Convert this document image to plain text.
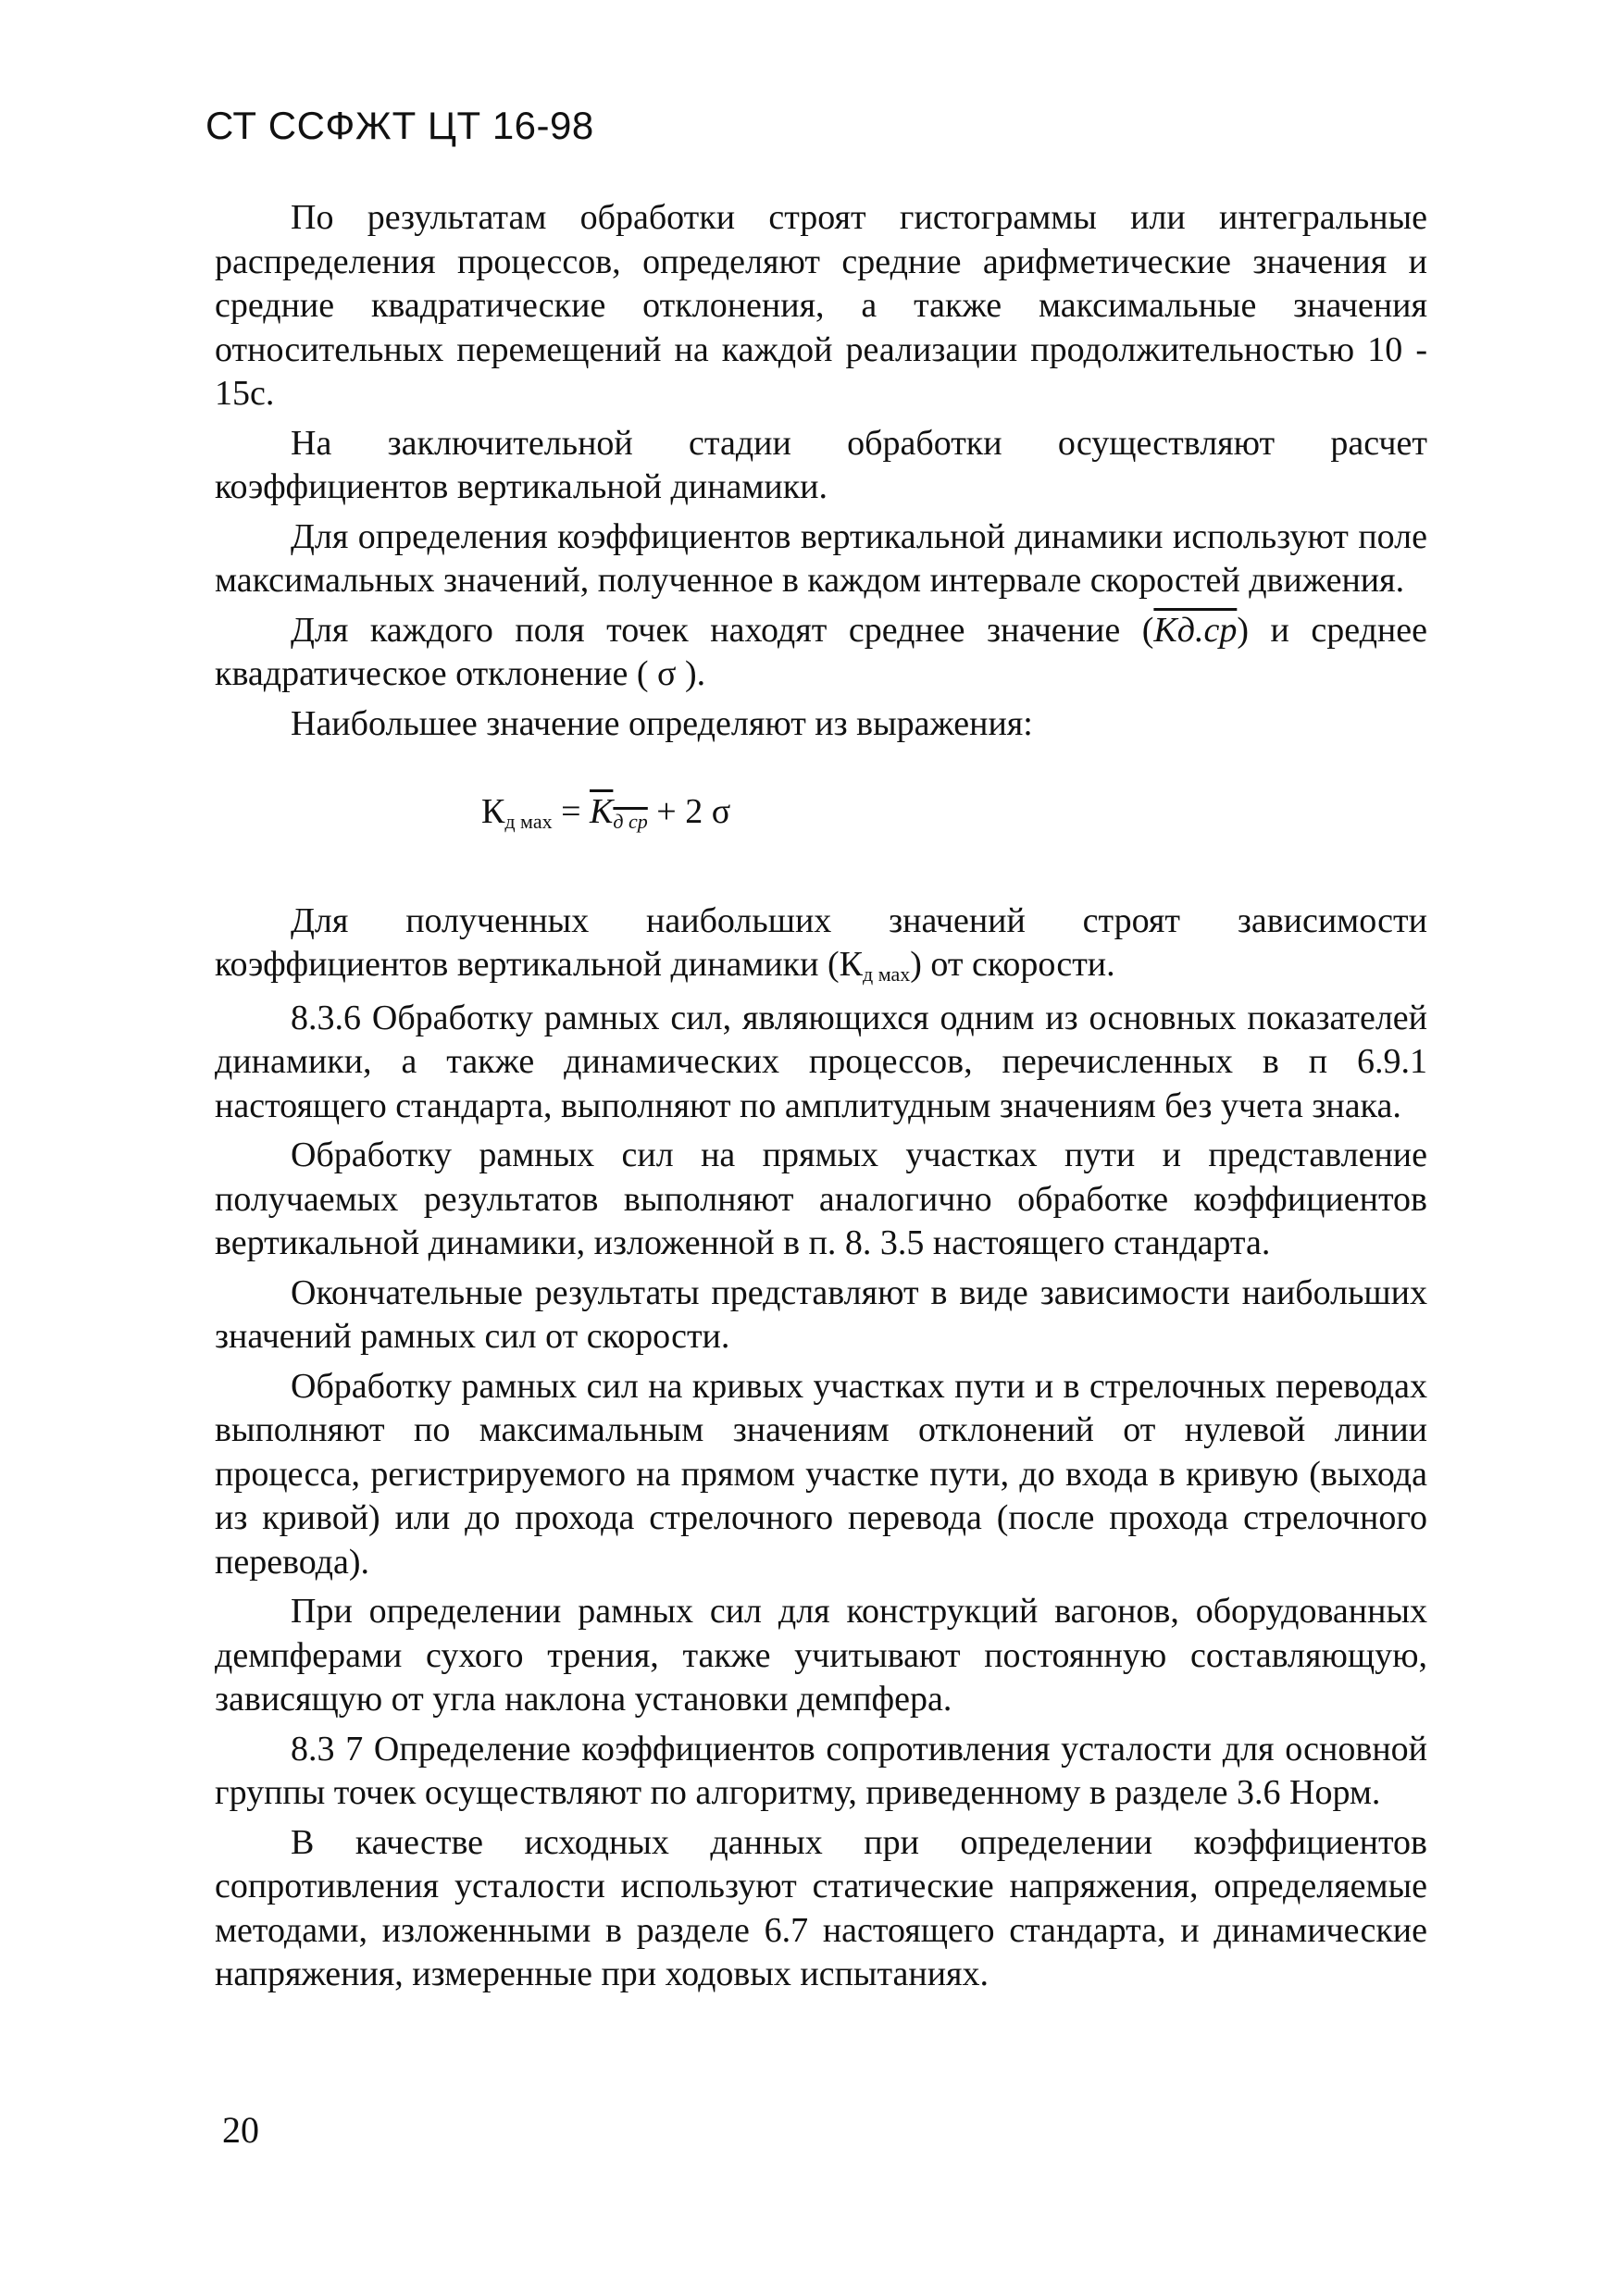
СТ ССФЖТ ЦТ 16-98

По результатам обработки строят гистограммы или интегральные распределения процессов, определяют средние арифметические значения и средние квадратические отклонения, а также максимальные значения относительных перемещений на каждой реализации продолжительностью 10 - 15с.

На заключительной стадии обработки осуществляют расчет коэффициентов вертикальной динамики.

Для определения коэффициентов вертикальной динамики используют поле максимальных значений, полученное в каждом интервале скоростей движения.

Для каждого поля точек находят среднее значение (Kд.ср) и среднее квадратическое отклонение ( σ ).

Наибольшее значение определяют из выражения:

$К_{д мах} = K_{д ср} + 2$ σ

Для полученных наибольших значений строят зависимости коэффициентов вертикальной динамики $(К_{д мах})$ от скорости.

8.3.6 Обработку рамных сил, являющихся одним из основных показателей динамики, а также динамических процессов, перечисленных в п 6.9.1 настоящего стандарта, выполняют по амплитудным значениям без учета знака.

Обработку рамных сил на прямых участках пути и представление получаемых результатов выполняют аналогично обработке коэффициентов вертикальной динамики, изложенной в п. 8. 3.5 настоящего стандарта.

Окончательные результаты представляют в виде зависимости наибольших значений рамных сил от скорости.

Обработку рамных сил на кривых участках пути и в стрелочных переводах выполняют по максимальным значениям отклонений от нулевой линии процесса, регистрируемого на прямом участке пути, до входа в кривую (выхода из кривой) или до прохода стрелочного перевода (после прохода стрелочного перевода).

При определении рамных сил для конструкций вагонов, оборудованных демпферами сухого трения, также учитывают постоянную составляющую, зависящую от угла наклона установки демпфера.

8.3 7 Определение коэффициентов сопротивления усталости для основной группы точек осуществляют по алгоритму, приведенному в разделе 3.6 Норм.

В качестве исходных данных при определении коэффициентов сопротивления усталости используют статические напряжения, определяемые методами, изложенными в разделе 6.7 настоящего стандарта, и динамические напряжения, измеренные при ходовых испытаниях.

20
